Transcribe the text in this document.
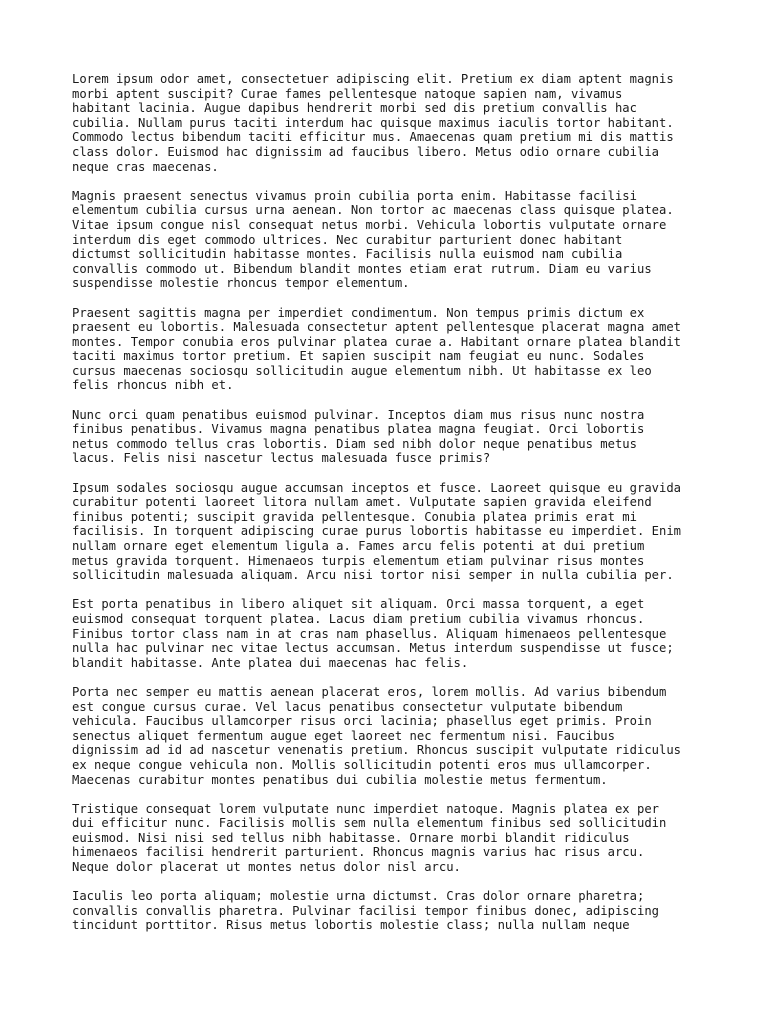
Lorem ipsum odor amet, consectetuer adipiscing elit. Pretium ex diam aptent magnis
morbi aptent suscipit? Curae fames pellentesque natoque sapien nam, vivamus
habitant lacinia. Augue dapibus hendrerit morbi sed dis pretium convallis hac
cubilia. Nullam purus taciti interdum hac quisque maximus iaculis tortor habitant.
Commodo lectus bibendum taciti efficitur mus. Amaecenas quam pretium mi dis mattis
class dolor. Euismod hac dignissim ad faucibus libero. Metus odio ornare cubilia
neque cras maecenas.

Magnis praesent senectus vivamus proin cubilia porta enim. Habitasse facilisi
elementum cubilia cursus urna aenean. Non tortor ac maecenas class quisque platea.
Vitae ipsum congue nisl consequat netus morbi. Vehicula lobortis vulputate ornare
interdum dis eget commodo ultrices. Nec curabitur parturient donec habitant
dictumst sollicitudin habitasse montes. Facilisis nulla euismod nam cubilia
convallis commodo ut. Bibendum blandit montes etiam erat rutrum. Diam eu varius
suspendisse molestie rhoncus tempor elementum.

Praesent sagittis magna per imperdiet condimentum. Non tempus primis dictum ex
praesent eu lobortis. Malesuada consectetur aptent pellentesque placerat magna amet
montes. Tempor conubia eros pulvinar platea curae a. Habitant ornare platea blandit
taciti maximus tortor pretium. Et sapien suscipit nam feugiat eu nunc. Sodales
cursus maecenas sociosqu sollicitudin augue elementum nibh. Ut habitasse ex leo
felis rhoncus nibh et.

Nunc orci quam penatibus euismod pulvinar. Inceptos diam mus risus nunc nostra
finibus penatibus. Vivamus magna penatibus platea magna feugiat. Orci lobortis
netus commodo tellus cras lobortis. Diam sed nibh dolor neque penatibus metus
lacus. Felis nisi nascetur lectus malesuada fusce primis?

Ipsum sodales sociosqu augue accumsan inceptos et fusce. Laoreet quisque eu gravida
curabitur potenti laoreet litora nullam amet. Vulputate sapien gravida eleifend
finibus potenti; suscipit gravida pellentesque. Conubia platea primis erat mi
facilisis. In torquent adipiscing curae purus lobortis habitasse eu imperdiet. Enim
nullam ornare eget elementum ligula a. Fames arcu felis potenti at dui pretium
metus gravida torquent. Himenaeos turpis elementum etiam pulvinar risus montes
sollicitudin malesuada aliquam. Arcu nisi tortor nisi semper in nulla cubilia per.

Est porta penatibus in libero aliquet sit aliquam. Orci massa torquent, a eget
euismod consequat torquent platea. Lacus diam pretium cubilia vivamus rhoncus.
Finibus tortor class nam in at cras nam phasellus. Aliquam himenaeos pellentesque
nulla hac pulvinar nec vitae lectus accumsan. Metus interdum suspendisse ut fusce;
blandit habitasse. Ante platea dui maecenas hac felis.

Porta nec semper eu mattis aenean placerat eros, lorem mollis. Ad varius bibendum
est congue cursus curae. Vel lacus penatibus consectetur vulputate bibendum
vehicula. Faucibus ullamcorper risus orci lacinia; phasellus eget primis. Proin
senectus aliquet fermentum augue eget laoreet nec fermentum nisi. Faucibus
dignissim ad id ad nascetur venenatis pretium. Rhoncus suscipit vulputate ridiculus
ex neque congue vehicula non. Mollis sollicitudin potenti eros mus ullamcorper.
Maecenas curabitur montes penatibus dui cubilia molestie metus fermentum.

Tristique consequat lorem vulputate nunc imperdiet natoque. Magnis platea ex per
dui efficitur nunc. Facilisis mollis sem nulla elementum finibus sed sollicitudin
euismod. Nisi nisi sed tellus nibh habitasse. Ornare morbi blandit ridiculus
himenaeos facilisi hendrerit parturient. Rhoncus magnis varius hac risus arcu.
Neque dolor placerat ut montes netus dolor nisl arcu.

Iaculis leo porta aliquam; molestie urna dictumst. Cras dolor ornare pharetra;
convallis convallis pharetra. Pulvinar facilisi tempor finibus donec, adipiscing
tincidunt porttitor. Risus metus lobortis molestie class; nulla nullam neque
